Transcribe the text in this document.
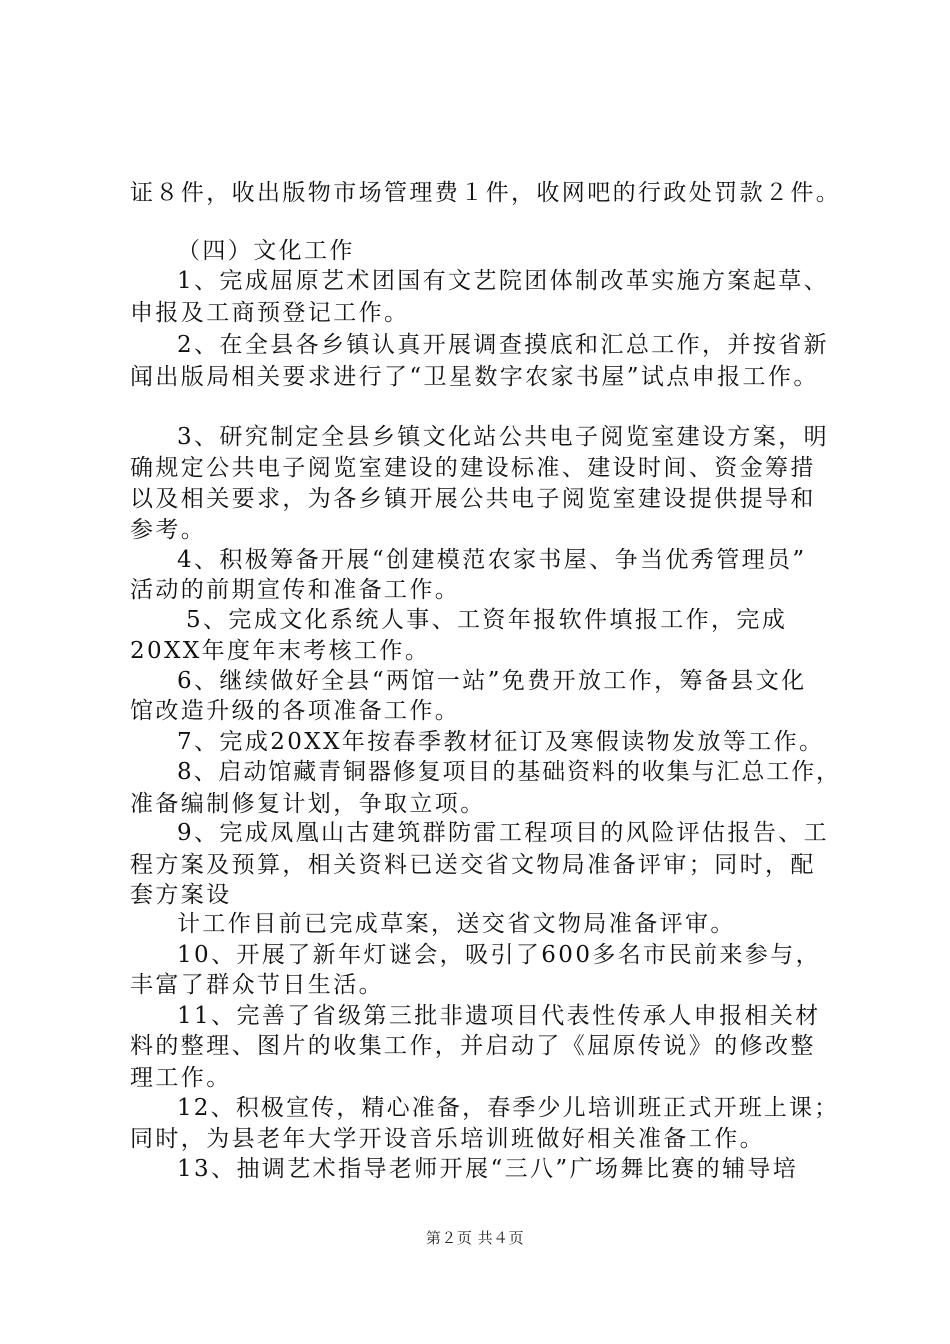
证８件，收出版物市场管理费１件，收网吧的行政处罚款２件。
（四）文化工作
1、完成屈原艺术团国有文艺院团体制改革实施方案起草、
申报及工商预登记工作。
2、在全县各乡镇认真开展调查摸底和汇总工作，并按省新
闻出版局相关要求进行了“卫星数字农家书屋”试点申报工作。
3、研究制定全县乡镇文化站公共电子阅览室建设方案，明
确规定公共电子阅览室建设的建设标准、建设时间、资金筹措
以及相关要求，为各乡镇开展公共电子阅览室建设提供提导和
参考。
4、积极筹备开展“创建模范农家书屋、争当优秀管理员”
活动的前期宣传和准备工作。
5、完成文化系统人事、工资年报软件填报工作，完成
20XX年度年末考核工作。
6、继续做好全县“两馆一站”免费开放工作，筹备县文化
馆改造升级的各项准备工作。
7、完成20XX年按春季教材征订及寒假读物发放等工作。
8、启动馆藏青铜器修复项目的基础资料的收集与汇总工作，
准备编制修复计划，争取立项。
9、完成凤凰山古建筑群防雷工程项目的风险评估报告、工
程方案及预算，相关资料已送交省文物局准备评审；同时，配
套方案设
计工作目前已完成草案，送交省文物局准备评审。
10、开展了新年灯谜会，吸引了600多名市民前来参与，
丰富了群众节日生活。
11、完善了省级第三批非遗项目代表性传承人申报相关材
料的整理、图片的收集工作，并启动了《屈原传说》的修改整
理工作。
12、积极宣传，精心准备，春季少儿培训班正式开班上课；
同时，为县老年大学开设音乐培训班做好相关准备工作。
13、抽调艺术指导老师开展“三八”广场舞比赛的辅导培
第２页 共４页
